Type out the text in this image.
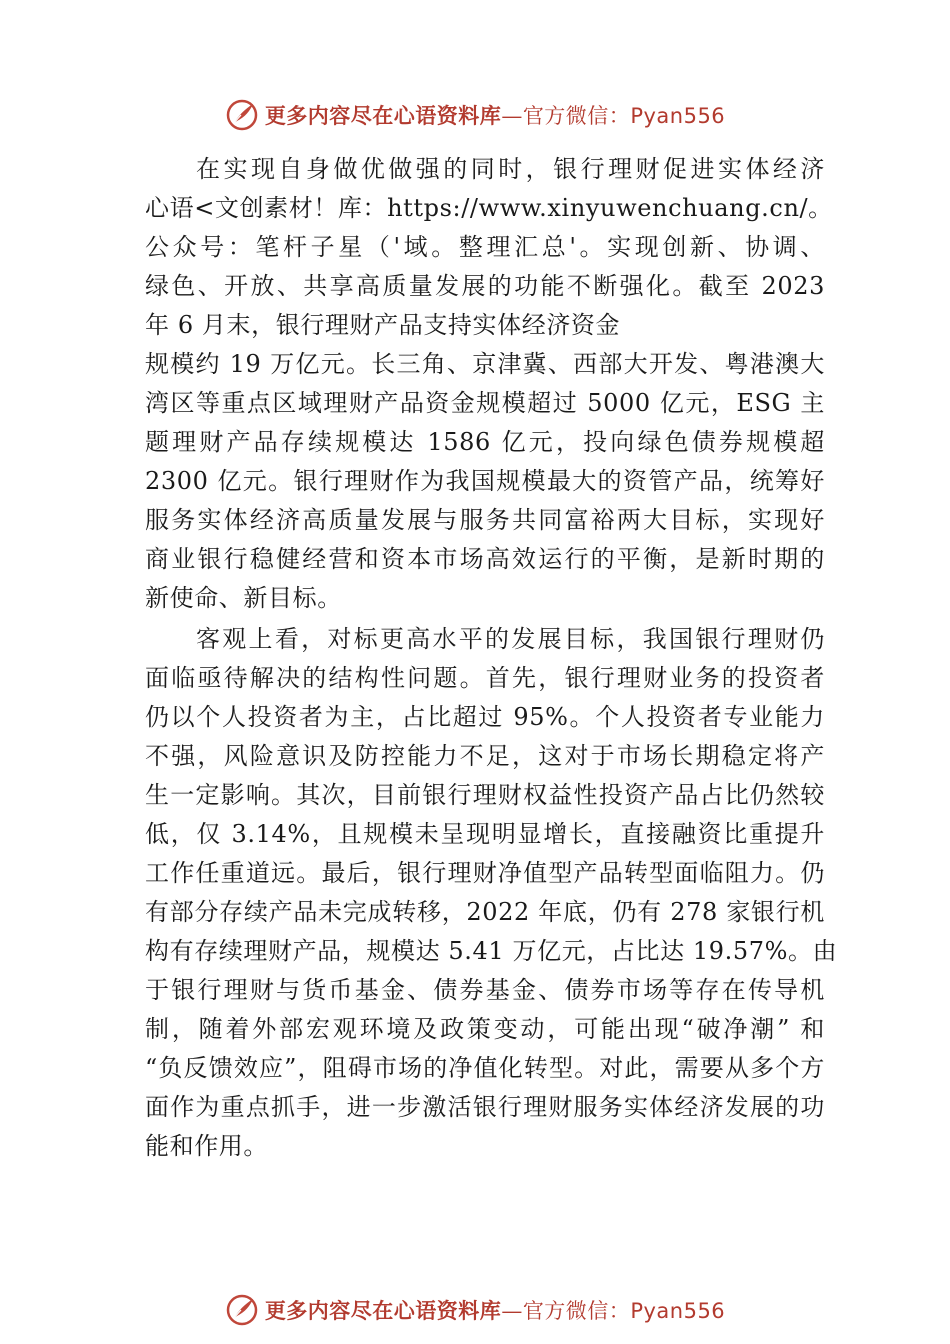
更多内容尽在心语资料库—官方微信：Pyan556
在实现自身做优做强的同时，银行理财促进实体经济
心语<文创素材！库：https://www.xinyuwenchuang.cn/。
公众号：笔杆子星（'域。整理汇总'。实现创新、协调、
绿色、开放、共享高质量发展的功能不断强化。截至 2023
年 6 月末，银行理财产品支持实体经济资金
规模约 19 万亿元。长三角、京津冀、西部大开发、粤港澳大
湾区等重点区域理财产品资金规模超过 5000 亿元，ESG 主
题理财产品存续规模达 1586 亿元，投向绿色债券规模超
2300 亿元。银行理财作为我国规模最大的资管产品，统筹好
服务实体经济高质量发展与服务共同富裕两大目标，实现好
商业银行稳健经营和资本市场高效运行的平衡，是新时期的
新使命、新目标。
客观上看，对标更高水平的发展目标，我国银行理财仍
面临亟待解决的结构性问题。首先，银行理财业务的投资者
仍以个人投资者为主，占比超过 95%。个人投资者专业能力
不强，风险意识及防控能力不足，这对于市场长期稳定将产
生一定影响。其次，目前银行理财权益性投资产品占比仍然较
低，仅 3.14%，且规模未呈现明显增长，直接融资比重提升
工作任重道远。最后，银行理财净值型产品转型面临阻力。仍
有部分存续产品未完成转移，2022 年底，仍有 278 家银行机
构有存续理财产品，规模达 5.41 万亿元，占比达 19.57%。由
于银行理财与货币基金、债券基金、债券市场等存在传导机
制，随着外部宏观环境及政策变动，可能出现“破净潮” 和
“负反馈效应”，阻碍市场的净值化转型。对此，需要从多个方
面作为重点抓手，进一步激活银行理财服务实体经济发展的功
能和作用。
更多内容尽在心语资料库—官方微信：Pyan556
